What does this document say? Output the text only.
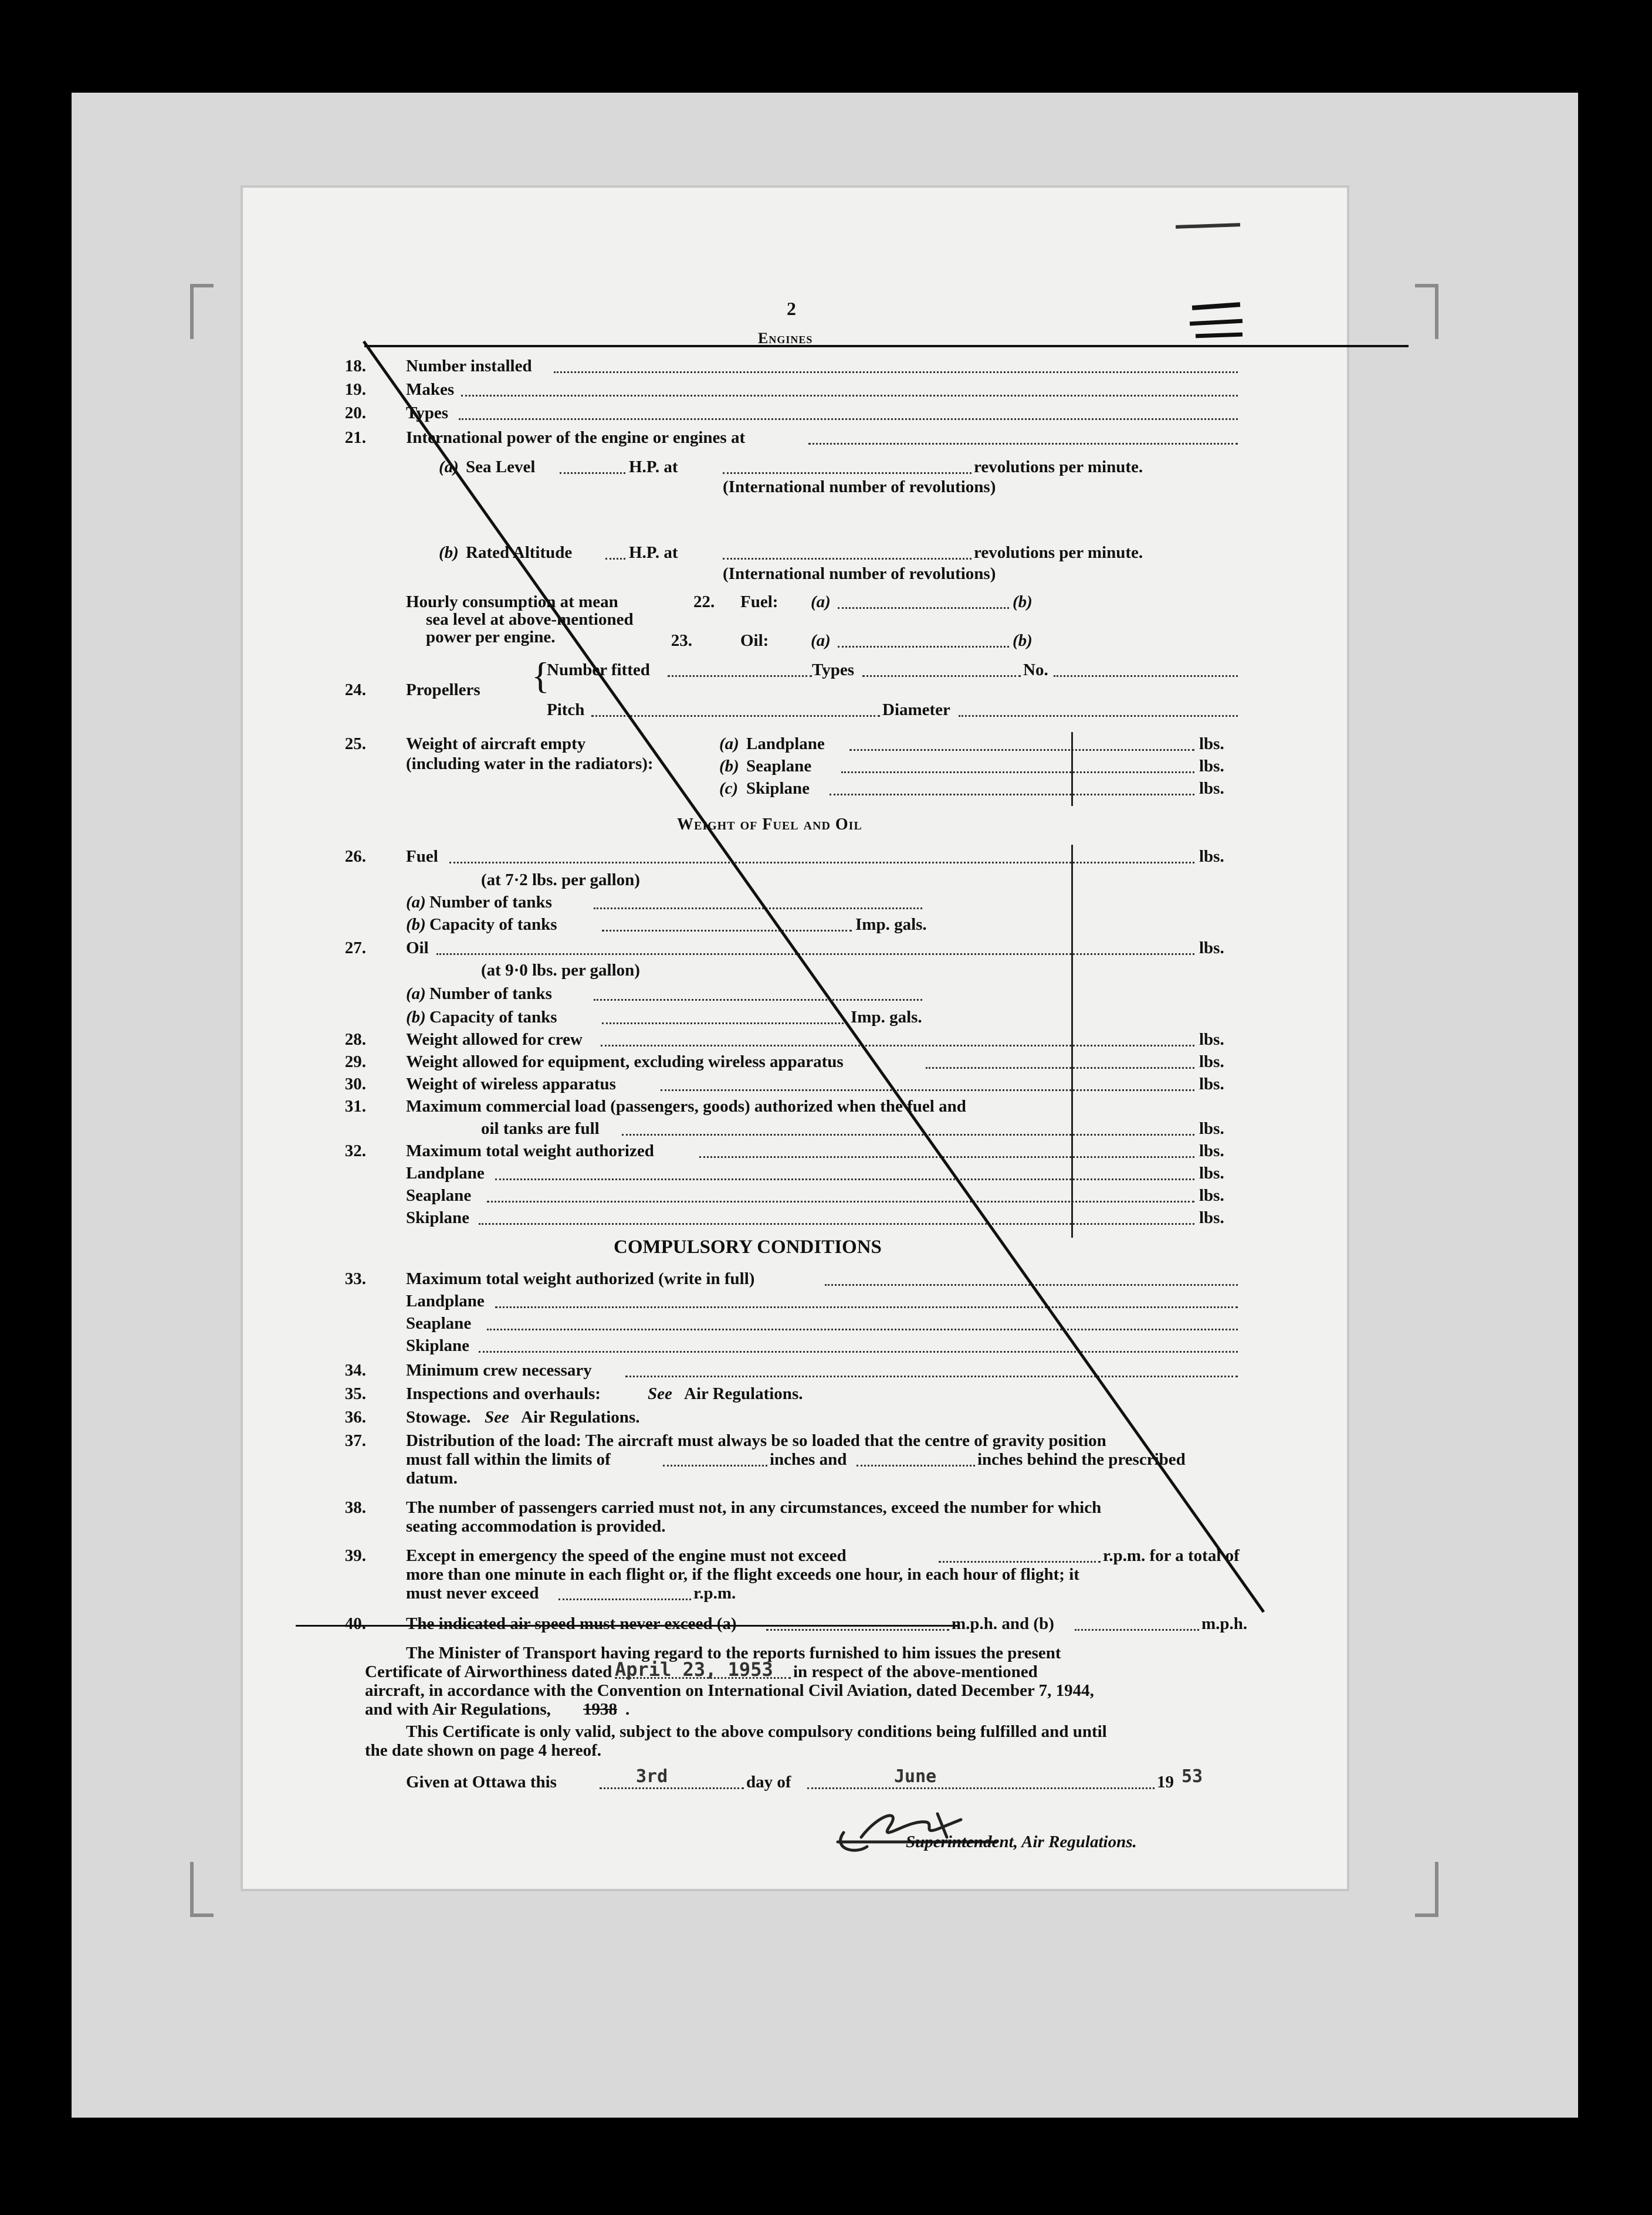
2
Engines
18. Number installed
19. Makes
20. Types
21. International power of the engine or engines at
(a) Sea Level	H.P. at	revolutions per minute.
(International number of revolutions)
(b) Rated Altitude	H.P. at	revolutions per minute.
(International number of revolutions)
Hourly consumption at mean
sea level at above-mentioned
power per engine.
22. Fuel: (a)	(b)
23.	Oil: (a)	(b)
24. Propellers {
Number fitted	Types	No.
Pitch	Diameter
25. Weight of aircraft empty
(including water in the radiators):
(a) Landplane	lbs.
(b) Seaplane	lbs.
(c) Skiplane	lbs.
Weight of Fuel and Oil
26. Fuel	lbs.
(at 7·2 lbs. per gallon)
(a) Number of tanks
(b) Capacity of tanks	Imp. gals.
27. Oil	lbs.
(at 9·0 lbs. per gallon)
(a) Number of tanks
(b) Capacity of tanks	Imp. gals.
28. Weight allowed for crew	lbs.
29. Weight allowed for equipment, excluding wireless apparatus	lbs.
30. Weight of wireless apparatus	lbs.
31. Maximum commercial load (passengers, goods) authorized when the fuel and
oil tanks are full	lbs.
32. Maximum total weight authorized	lbs.
Landplane	lbs.
Seaplane	lbs.
Skiplane	lbs.
COMPULSORY CONDITIONS
33. Maximum total weight authorized (write in full)
Landplane
Seaplane
Skiplane
34. Minimum crew necessary
35. Inspections and overhauls:	See Air Regulations.
36. Stowage. See Air Regulations.
37. Distribution of the load: The aircraft must always be so loaded that the centre of gravity position
must fall within the limits of	inches and	inches behind the prescribed
datum.
38. The number of passengers carried must not, in any circumstances, exceed the number for which
seating accommodation is provided.
39. Except in emergency the speed of the engine must not exceed	r.p.m. for a total of
more than one minute in each flight or, if the flight exceeds one hour, in each hour of flight; it
must never exceed	r.p.m.
40. The indicated air speed must never exceed (a)	m.p.h. and (b)	m.p.h.
The Minister of Transport having regard to the reports furnished to him issues the present
Certificate of Airworthiness dated April 23, 1953 in respect of the above-mentioned
aircraft, in accordance with the Convention on International Civil Aviation, dated December 7, 1944,
and with Air Regulations, 1938 .
This Certificate is only valid, subject to the above compulsory conditions being fulfilled and until
the date shown on page 4 hereof.
Given at Ottawa this	3rd	day of	June	19 53
Superintendent, Air Regulations.
